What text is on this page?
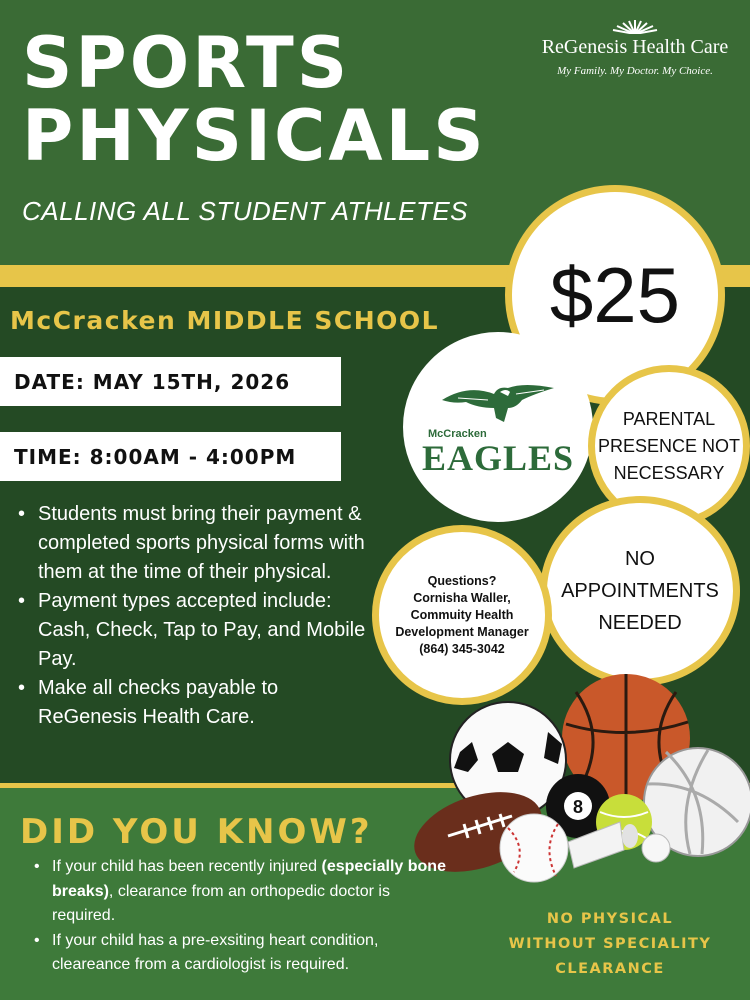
SPORTS
PHYSICALS
CALLING ALL STUDENT ATHLETES
ReGenesis Health Care
My Family. My Doctor. My Choice.
McCracken MIDDLE SCHOOL
DATE: MAY 15TH, 2026
TIME: 8:00AM - 4:00PM
• Students must bring their payment & completed sports physical forms with them at the time of their physical.
• Payment types accepted include: Cash, Check, Tap to Pay, and Mobile Pay.
• Make all checks payable to ReGenesis Health Care.
$25
McCracken
EAGLES
PARENTAL
PRESENCE NOT
NECESSARY
NO
APPOINTMENTS
NEEDED
Questions?
Cornisha Waller,
Commuity Health
Development Manager
(864) 345-3042
8
DID YOU KNOW?
• If your child has been recently injured (especially bone breaks), clearance from an orthopedic doctor is required.
• If your child has a pre-exsiting heart condition, cleareance from a cardiologist is required.
NO PHYSICAL
WITHOUT SPECIALITY
CLEARANCE
